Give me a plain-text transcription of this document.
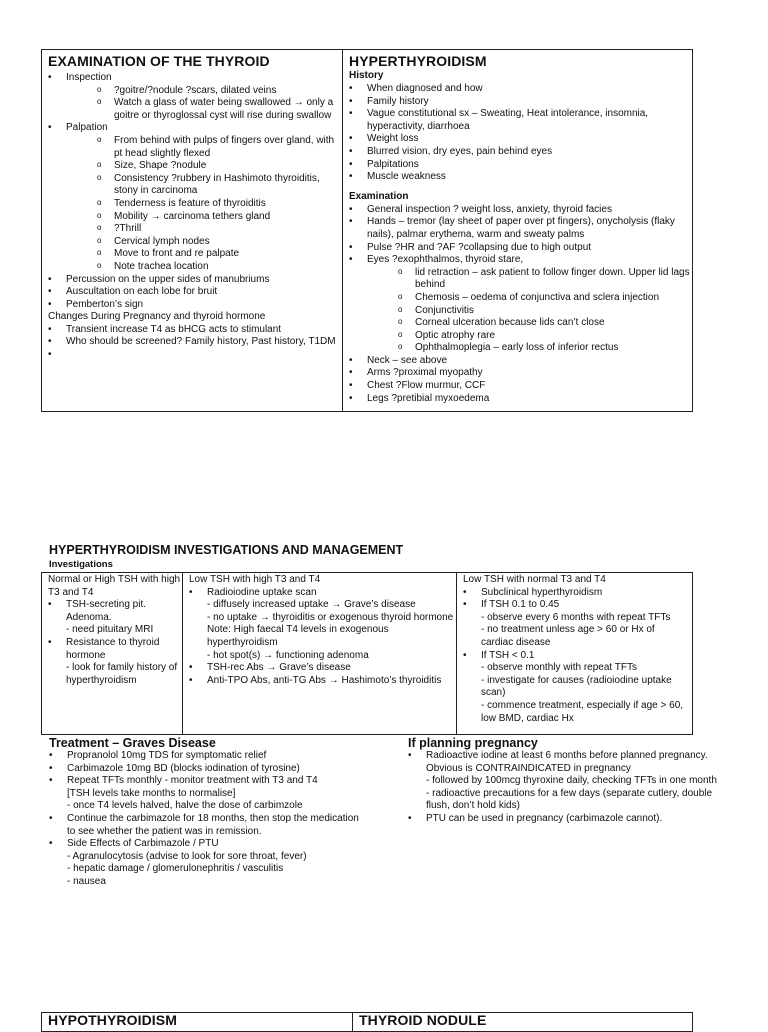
EXAMINATION OF THE THYROID
• Inspection
o ?goitre/?nodule ?scars, dilated veins
o Watch a glass of water being swallowed → only a goitre or thyroglossal cyst will rise during swallow
• Palpation
o From behind with pulps of fingers over gland, with pt head slightly flexed
o Size, Shape ?nodule
o Consistency ?rubbery in Hashimoto thyroiditis, stony in carcinoma
o Tenderness is feature of thyroiditis
o Mobility → carcinoma tethers gland
o ?Thrill
o Cervical lymph nodes
o Move to front and re palpate
o Note trachea location
• Percussion on the upper sides of manubriums
• Auscultation on each lobe for bruit
• Pemberton’s sign
Changes During Pregnancy and thyroid hormone
• Transient increase T4 as bHCG acts to stimulant
• Who should be screened? Family history, Past history, T1DM
•
HYPERTHYROIDISM
History
• When diagnosed and how
• Family history
• Vague constitutional sx – Sweating, Heat intolerance, insomnia, hyperactivity, diarrhoea
• Weight loss
• Blurred vision, dry eyes, pain behind eyes
• Palpitations
• Muscle weakness
Examination
• General inspection ? weight loss, anxiety, thyroid facies
• Hands – tremor (lay sheet of paper over pt fingers), onycholysis (flaky nails), palmar erythema, warm and sweaty palms
• Pulse ?HR and ?AF ?collapsing due to high output
• Eyes ?exophthalmos, thyroid stare,
o lid retraction – ask patient to follow finger down. Upper lid lags behind
o Chemosis – oedema of conjunctiva and sclera injection
o Conjunctivitis
o Corneal ulceration because lids can’t close
o Optic atrophy rare
o Ophthalmoplegia – early loss of inferior rectus
• Neck – see above
• Arms ?proximal myopathy
• Chest ?Flow murmur, CCF
• Legs ?pretibial myxoedema
HYPERTHYROIDISM INVESTIGATIONS AND MANAGEMENT
Investigations
Normal or High TSH with high T3 and T4
• TSH-secreting pit. Adenoma.
- need pituitary MRI
• Resistance to thyroid hormone
- look for family history of hyperthyroidism
Low TSH with high T3 and T4
• Radioiodine uptake scan
- diffusely increased uptake → Grave’s disease
- no uptake → thyroiditis or exogenous thyroid hormone
Note: High faecal T4 levels in exogenous hyperthyroidism
- hot spot(s) → functioning adenoma
• TSH-rec Abs → Grave’s disease
• Anti-TPO Abs, anti-TG Abs → Hashimoto’s thyroiditis
Low TSH with normal T3 and T4
• Subclinical hyperthyroidism
• If TSH 0.1 to 0.45
- observe every 6 months with repeat TFTs
- no treatment unless age > 60 or Hx of cardiac disease
• If TSH < 0.1
- observe monthly with repeat TFTs
- investigate for causes (radioiodine uptake scan)
- commence treatment, especially if age > 60, low BMD, cardiac Hx
Treatment – Graves Disease
• Propranolol 10mg TDS for symptomatic relief
• Carbimazole 10mg BD (blocks iodination of tyrosine)
• Repeat TFTs monthly - monitor treatment with T3 and T4
[TSH levels take months to normalise]
- once T4 levels halved, halve the dose of carbimzole
• Continue the carbimazole for 18 months, then stop the medication to see whether the patient was in remission.
• Side Effects of Carbimazole / PTU
- Agranulocytosis (advise to look for sore throat, fever)
- hepatic damage / glomerulonephritis / vasculitis
- nausea
If planning pregnancy
• Radioactive iodine at least 6 months before planned pregnancy. Obvious is CONTRAINDICATED in pregnancy
- followed by 100mcg thyroxine daily, checking TFTs in one month
- radioactive precautions for a few days (separate cutlery, double flush, don’t hold kids)
• PTU can be used in pregnancy (carbimazole cannot).
HYPOTHYROIDISM	THYROID NODULE
